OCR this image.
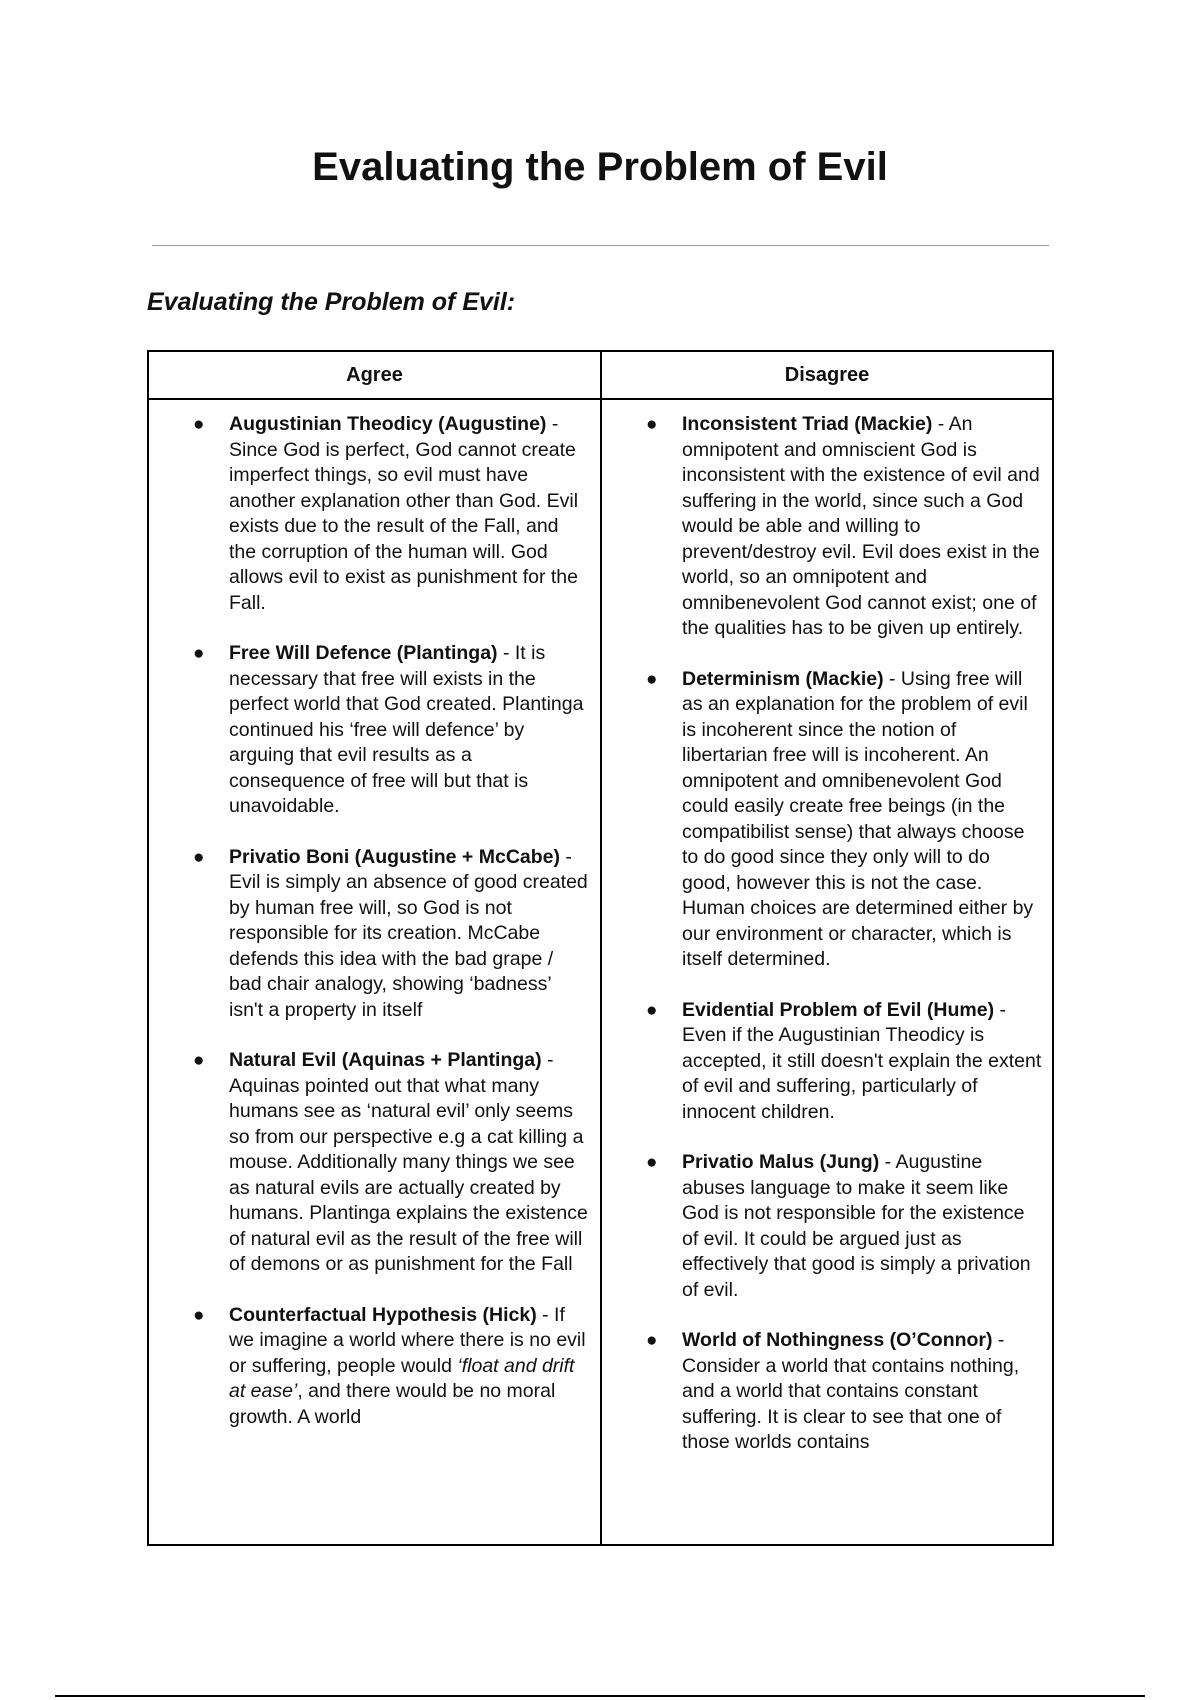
Evaluating the Problem of Evil
Evaluating the Problem of Evil:
Agree	Disagree
● Augustinian Theodicy (Augustine) - Since God is perfect, God cannot create imperfect things, so evil must have another explanation other than God. Evil exists due to the result of the Fall, and the corruption of the human will. God allows evil to exist as punishment for the Fall.
● Free Will Defence (Plantinga) - It is necessary that free will exists in the perfect world that God created. Plantinga continued his ‘free will defence’ by arguing that evil results as a consequence of free will but that is unavoidable.
● Privatio Boni (Augustine + McCabe) - Evil is simply an absence of good created by human free will, so God is not responsible for its creation. McCabe defends this idea with the bad grape / bad chair analogy, showing ‘badness’ isn't a property in itself
● Natural Evil (Aquinas + Plantinga) - Aquinas pointed out that what many humans see as ‘natural evil’ only seems so from our perspective e.g a cat killing a mouse. Additionally many things we see as natural evils are actually created by humans. Plantinga explains the existence of natural evil as the result of the free will of demons or as punishment for the Fall
● Counterfactual Hypothesis (Hick) - If we imagine a world where there is no evil or suffering, people would ‘float and drift at ease’, and there would be no moral growth. A world
● Inconsistent Triad (Mackie) - An omnipotent and omniscient God is inconsistent with the existence of evil and suffering in the world, since such a God would be able and willing to prevent/destroy evil. Evil does exist in the world, so an omnipotent and omnibenevolent God cannot exist; one of the qualities has to be given up entirely.
● Determinism (Mackie) - Using free will as an explanation for the problem of evil is incoherent since the notion of libertarian free will is incoherent. An omnipotent and omnibenevolent God could easily create free beings (in the compatibilist sense) that always choose to do good since they only will to do good, however this is not the case. Human choices are determined either by our environment or character, which is itself determined.
● Evidential Problem of Evil (Hume) - Even if the Augustinian Theodicy is accepted, it still doesn't explain the extent of evil and suffering, particularly of innocent children.
● Privatio Malus (Jung) - Augustine abuses language to make it seem like God is not responsible for the existence of evil. It could be argued just as effectively that good is simply a privation of evil.
● World of Nothingness (O’Connor) - Consider a world that contains nothing, and a world that contains constant suffering. It is clear to see that one of those worlds contains
